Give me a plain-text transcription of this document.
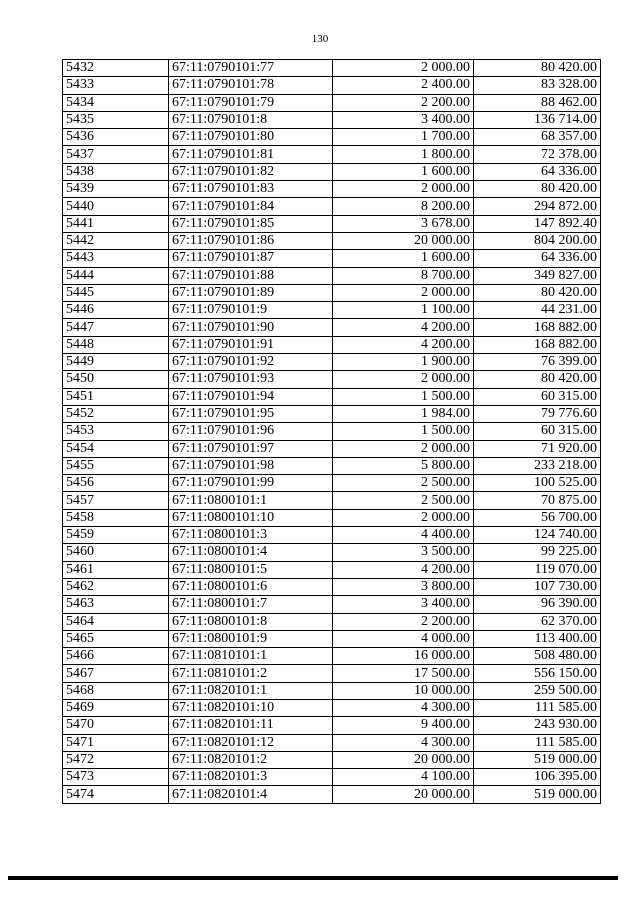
130
5432	67:11:0790101:77	2 000.00	80 420.00
5433	67:11:0790101:78	2 400.00	83 328.00
5434	67:11:0790101:79	2 200.00	88 462.00
5435	67:11:0790101:8	3 400.00	136 714.00
5436	67:11:0790101:80	1 700.00	68 357.00
5437	67:11:0790101:81	1 800.00	72 378.00
5438	67:11:0790101:82	1 600.00	64 336.00
5439	67:11:0790101:83	2 000.00	80 420.00
5440	67:11:0790101:84	8 200.00	294 872.00
5441	67:11:0790101:85	3 678.00	147 892.40
5442	67:11:0790101:86	20 000.00	804 200.00
5443	67:11:0790101:87	1 600.00	64 336.00
5444	67:11:0790101:88	8 700.00	349 827.00
5445	67:11:0790101:89	2 000.00	80 420.00
5446	67:11:0790101:9	1 100.00	44 231.00
5447	67:11:0790101:90	4 200.00	168 882.00
5448	67:11:0790101:91	4 200.00	168 882.00
5449	67:11:0790101:92	1 900.00	76 399.00
5450	67:11:0790101:93	2 000.00	80 420.00
5451	67:11:0790101:94	1 500.00	60 315.00
5452	67:11:0790101:95	1 984.00	79 776.60
5453	67:11:0790101:96	1 500.00	60 315.00
5454	67:11:0790101:97	2 000.00	71 920.00
5455	67:11:0790101:98	5 800.00	233 218.00
5456	67:11:0790101:99	2 500.00	100 525.00
5457	67:11:0800101:1	2 500.00	70 875.00
5458	67:11:0800101:10	2 000.00	56 700.00
5459	67:11:0800101:3	4 400.00	124 740.00
5460	67:11:0800101:4	3 500.00	99 225.00
5461	67:11:0800101:5	4 200.00	119 070.00
5462	67:11:0800101:6	3 800.00	107 730.00
5463	67:11:0800101:7	3 400.00	96 390.00
5464	67:11:0800101:8	2 200.00	62 370.00
5465	67:11:0800101:9	4 000.00	113 400.00
5466	67:11:0810101:1	16 000.00	508 480.00
5467	67:11:0810101:2	17 500.00	556 150.00
5468	67:11:0820101:1	10 000.00	259 500.00
5469	67:11:0820101:10	4 300.00	111 585.00
5470	67:11:0820101:11	9 400.00	243 930.00
5471	67:11:0820101:12	4 300.00	111 585.00
5472	67:11:0820101:2	20 000.00	519 000.00
5473	67:11:0820101:3	4 100.00	106 395.00
5474	67:11:0820101:4	20 000.00	519 000.00
